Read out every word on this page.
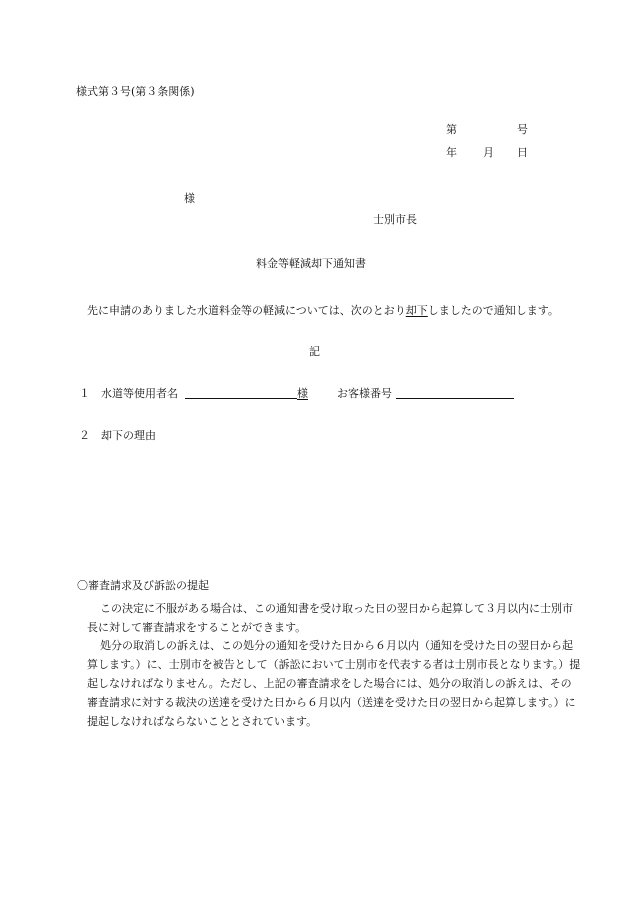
様式第３号(第３条関係)
第	号
年 月 日
様
士別市長
料金等軽減却下通知書

先に申請のありました水道料金等の軽減については、次のとおり却下しましたので通知します。

記
１ 水道等使用者名	様	お客様番号
２ 却下の理由
〇審査請求及び訴訟の提起

この決定に不服がある場合は、この通知書を受け取った日の翌日から起算して３月以内に士別市長に対して審査請求をすることができます。

処分の取消しの訴えは、この処分の通知を受けた日から６月以内（通知を受けた日の翌日から起算します。）に、士別市を被告として（訴訟において士別市を代表する者は士別市長となります。）提起しなければなりません。ただし、上記の審査請求をした場合には、処分の取消しの訴えは、その審査請求に対する裁決の送達を受けた日から６月以内（送達を受けた日の翌日から起算します。）に提起しなければならないこととされています。
